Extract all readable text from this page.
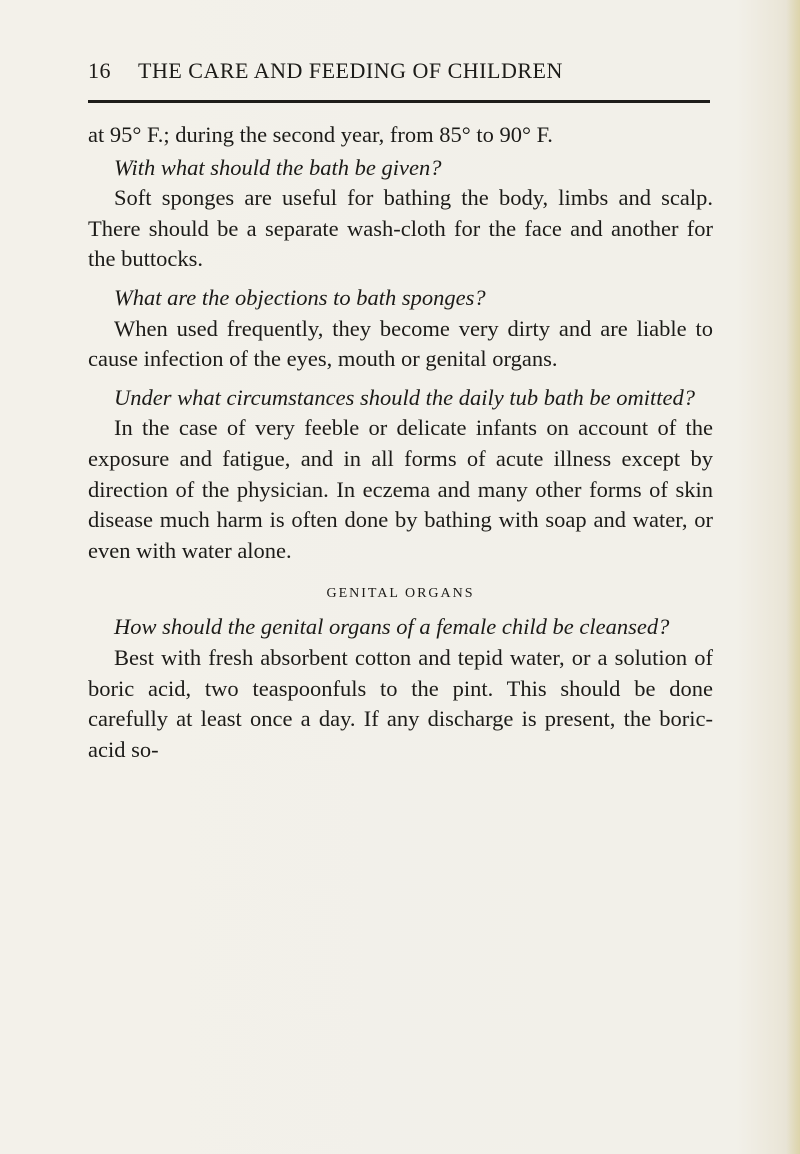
16 THE CARE AND FEEDING OF CHILDREN

at 95° F.; during the second year, from 85° to 90° F.

With what should the bath be given?

Soft sponges are useful for bathing the body, limbs and scalp. There should be a separate wash-cloth for the face and another for the buttocks.

What are the objections to bath sponges?

When used frequently, they become very dirty and are liable to cause infection of the eyes, mouth or genital organs.

Under what circumstances should the daily tub bath be omitted?

In the case of very feeble or delicate infants on account of the exposure and fatigue, and in all forms of acute illness except by direction of the physician. In eczema and many other forms of skin disease much harm is often done by bathing with soap and water, or even with water alone.

GENITAL ORGANS

How should the genital organs of a female child be cleansed?

Best with fresh absorbent cotton and tepid water, or a solution of boric acid, two teaspoonfuls to the pint. This should be done carefully at least once a day. If any discharge is present, the boric-acid so-
